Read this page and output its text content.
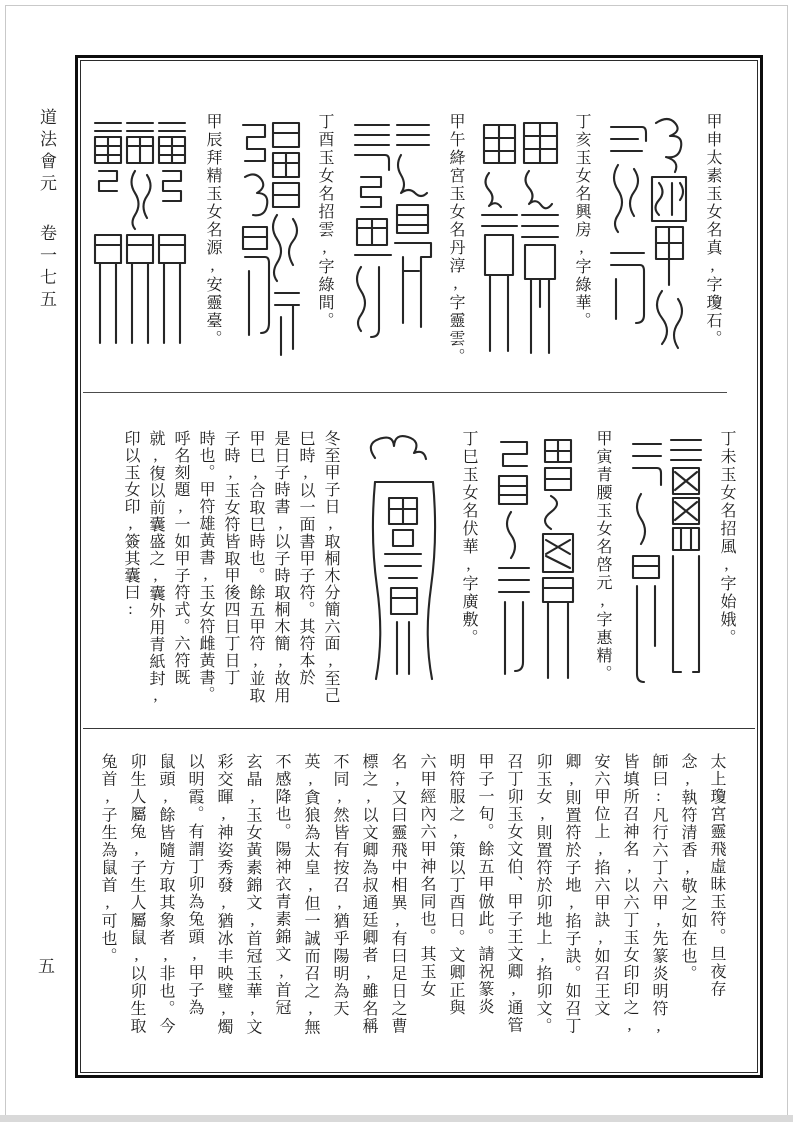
道法會元卷一七五
五
甲申太素玉女名真,字瓊石。
丁亥玉女名興房,字綠華。
甲午絳宮玉女名丹淳,字靈雲。
丁酉玉女名招雲,字綠間。
甲辰拜精玉女名源,安靈臺。
丁未玉女名招風,字始娥。
甲寅青腰玉女名啓元,字惠精。
丁巳玉女名伏華,字廣敷。
冬至甲子日,取桐木分簡六面,至己
巳時,以一面書甲子符。其符本於
是日子時書,以子時取桐木簡,故用
甲巳,合取巳時也。餘五甲符,並取
子時,玉女符皆取甲後四日丁日丁
時也。甲符雄黃書,玉女符雌黃書。
呼名刻題,一如甲子符式。六符既
就,復以前囊盛之,囊外用青紙封,
印以玉女印,簽其囊曰:
太上瓊宮靈飛虛昧玉符。旦夜存
念,執符清香,敬之如在也。
師曰:凡行六丁六甲,先篆炎明符,
皆填所召神名,以六丁玉女印印之,
安六甲位上,掐六甲訣,如召王文
卿,則置符於子地,掐子訣。如召丁
卯玉女,則置符於卯地上,掐卯文。
召丁卯玉女文伯、甲子王文卿,通管
甲子一旬。餘五甲倣此。請祝篆炎
明符服之,策以丁酉日。文卿正與
六甲經內六甲神名同也。其玉女
名,又曰靈飛中相異,有曰足日之曹
標之,以文卿為叔通廷卿者,雖名稱
不同,然皆有按召,猶乎陽明為天
英,貪狼為太皇,但一誠而召之,無
不感降也。陽神衣青素錦文,首冠
玄晶,玉女黃素錦文,首冠玉華,文
彩交暉,神姿秀發,猶冰丰映璧,燭
以明霞。有謂丁卯為兔頭,甲子為
鼠頭,餘皆隨方取其象者,非也。今
卯生人屬兔,子生人屬鼠,以卯生取
兔首,子生為鼠首,可也。
